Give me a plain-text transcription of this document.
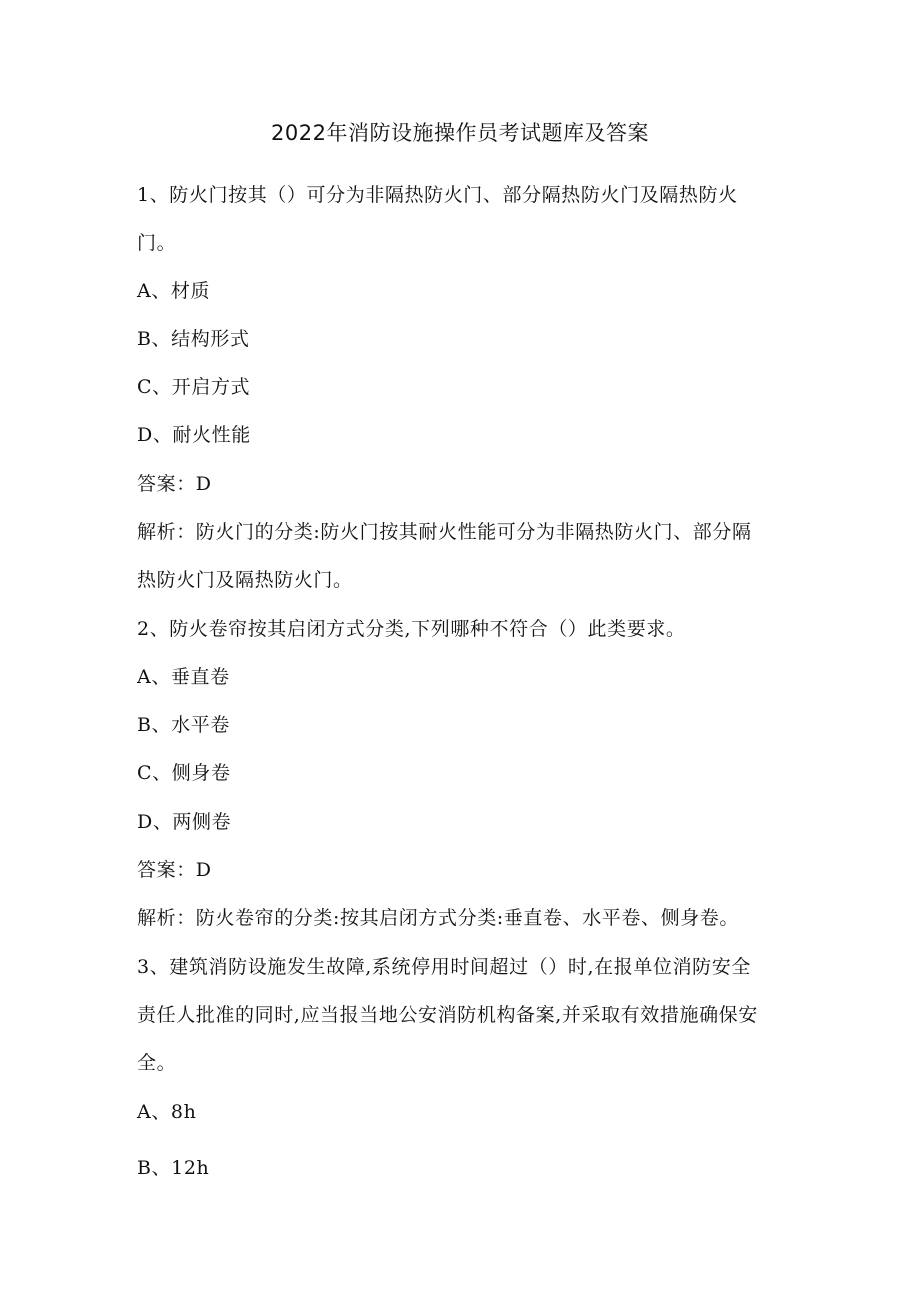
2022年消防设施操作员考试题库及答案
1、防火门按其（）可分为非隔热防火门、部分隔热防火门及隔热防火
门。
A、材质
B、结构形式
C、开启方式
D、耐火性能
答案：D
解析：防火门的分类:防火门按其耐火性能可分为非隔热防火门、部分隔
热防火门及隔热防火门。
2、防火卷帘按其启闭方式分类,下列哪种不符合（）此类要求。
A、垂直卷
B、水平卷
C、侧身卷
D、两侧卷
答案：D
解析：防火卷帘的分类:按其启闭方式分类:垂直卷、水平卷、侧身卷。
3、建筑消防设施发生故障,系统停用时间超过（）时,在报单位消防安全
责任人批准的同时,应当报当地公安消防机构备案,并采取有效措施确保安
全。
A、8h
B、12h
